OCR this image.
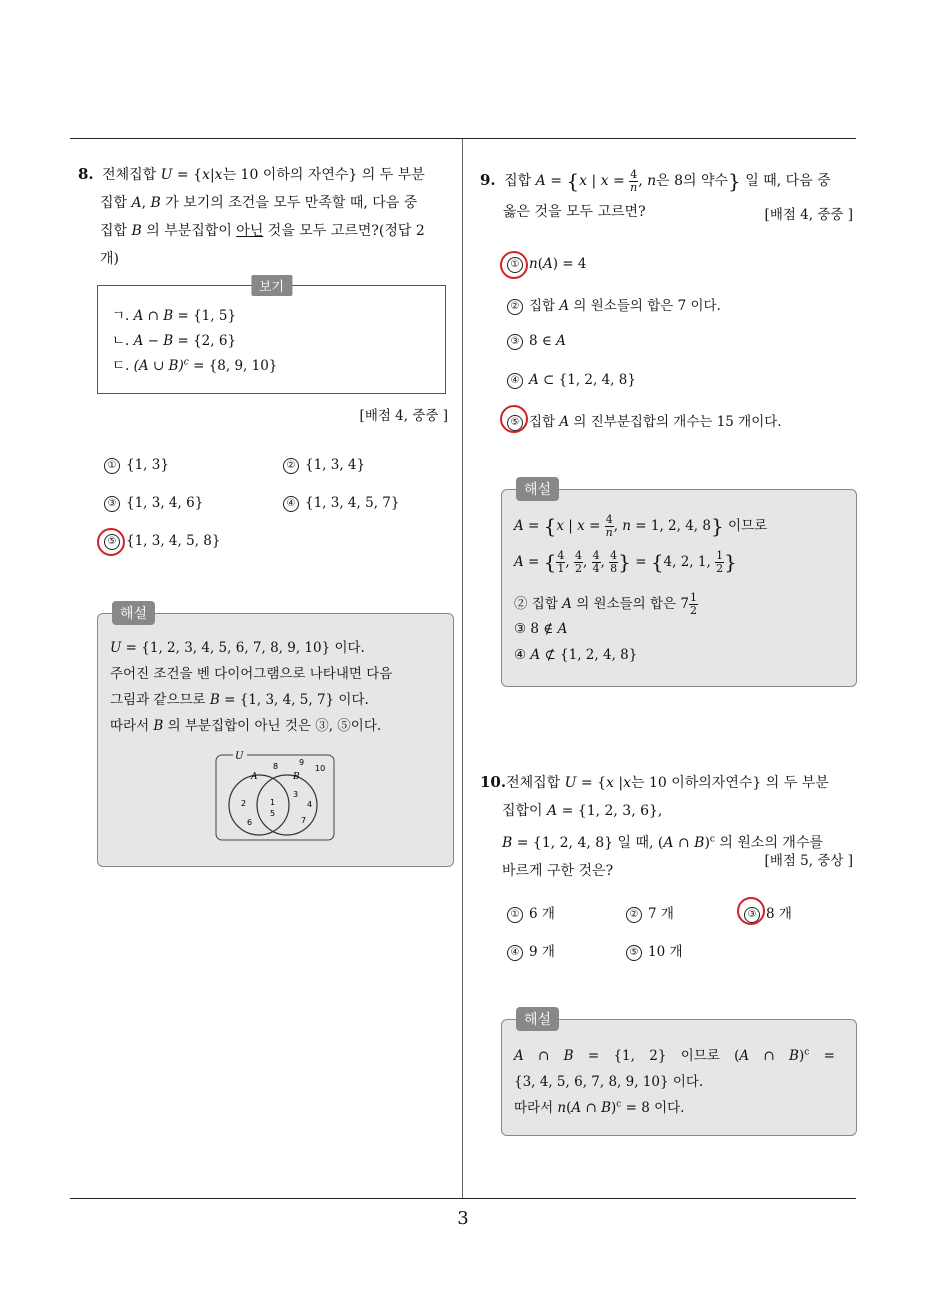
3
8. 전체집합 U = {x|x는 10 이하의 자연수} 의 두 부분
집합 A, B 가 보기의 조건을 모두 만족할 때, 다음 중
집합 B 의 부분집합이 아닌 것을 모두 고르면?(정답 2
개)
보기
ㄱ. A ∩ B = {1, 5}
ㄴ. A − B = {2, 6}
ㄷ. (A ∪ B)$^c$ = {8, 9, 10}
[배점 4, 중중 ]
① {1, 3}	② {1, 3, 4}
③ {1, 3, 4, 6}	④ {1, 3, 4, 5, 7}
⑤ {1, 3, 4, 5, 8}
해설
U = {1, 2, 3, 4, 5, 6, 7, 8, 9, 10} 이다.
주어진 조건을 벤 다이어그램으로 나타내면 다음
그림과 같으므로 B = {1, 3, 4, 5, 7} 이다.
따라서 B 의 부분집합이 아닌 것은 ③, ⑤이다.
U
A	B
8	9
10
2
6
1
5
3
4
7
9. 집합 A = {x | $x = \frac{4}{n}$ , n은 8의 약수} 일 때, 다음 중
옳은 것을 모두 고르면?	[배점 4, 중중 ]
① n(A) = 4
② 집합 A 의 원소들의 합은 7 이다.
③ 8 ∈ A
④ A ⊂ {1, 2, 4, 8}
⑤ 집합 A 의 진부분집합의 개수는 15 개이다.
해설
A = {x | $x = \frac{4}{n}$ , n = 1, 2, 4, 8} 이므로
A = { $\frac{4}{1}$ , $\frac{4}{2}$ , $\frac{4}{4}$ , $\frac{4}{8}$ } = {4, 2, 1, $\frac{1}{2}$ }
② 집합 A 의 원소들의 합은 $7 \frac{1}{2}$
③ 8 ∉ A
④ A ⊄ {1, 2, 4, 8}
10.전체집합 U = {x |x는 10 이하의자연수} 의 두 부분
집합이 A = {1, 2, 3, 6},
B = {1, 2, 4, 8} 일 때, (A ∩ B)$^c$ 의 원소의 개수를
바르게 구한 것은?
[배점 5, 중상 ]
① 6 개	② 7 개	③ 8 개
④ 9 개	⑤ 10 개
해설
A ∩ B = {1, 2} 이므로 (A ∩ B)$^c$ =
{3, 4, 5, 6, 7, 8, 9, 10} 이다.
따라서 n(A ∩ B)$^c$ = 8 이다.
